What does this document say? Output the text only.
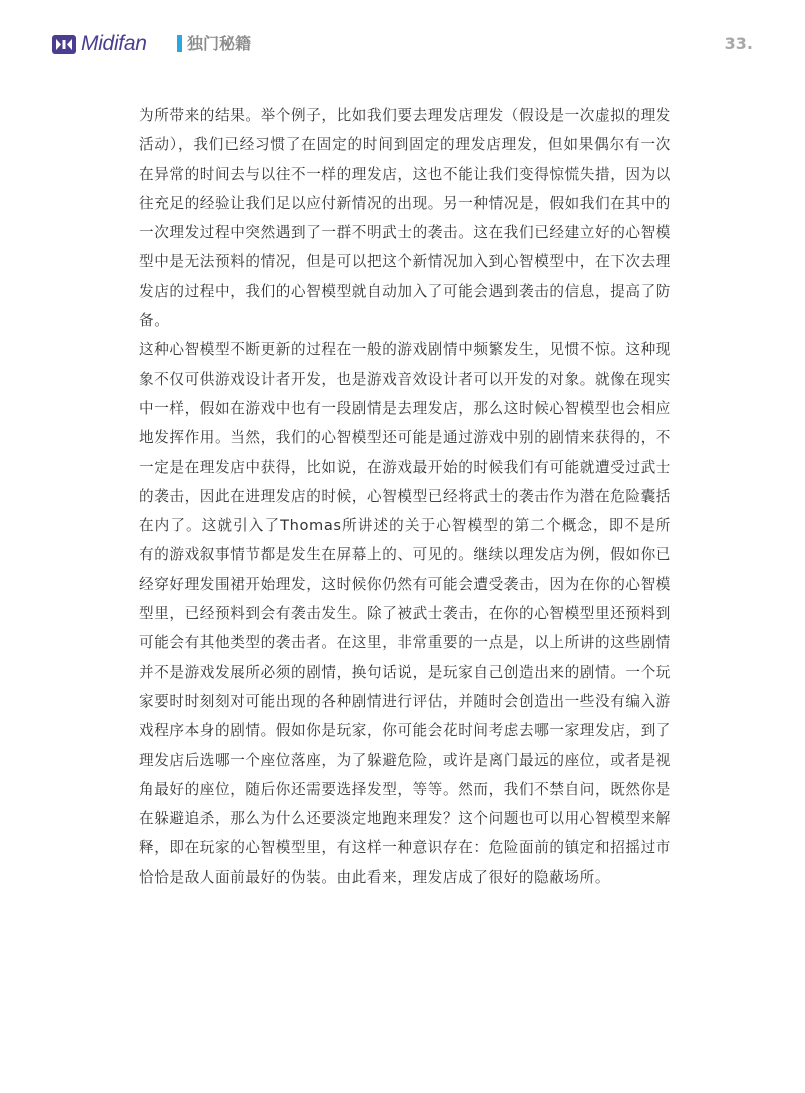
Midifan	独门秘籍	33.

为所带来的结果。举个例子，比如我们要去理发店理发（假设是一次虚拟的理发活动），我们已经习惯了在固定的时间到固定的理发店理发，但如果偶尔有一次在异常的时间去与以往不一样的理发店，这也不能让我们变得惊慌失措，因为以往充足的经验让我们足以应付新情况的出现。另一种情况是，假如我们在其中的一次理发过程中突然遇到了一群不明武士的袭击。这在我们已经建立好的心智模型中是无法预料的情况，但是可以把这个新情况加入到心智模型中，在下次去理发店的过程中，我们的心智模型就自动加入了可能会遇到袭击的信息，提高了防备。

这种心智模型不断更新的过程在一般的游戏剧情中频繁发生，见惯不惊。这种现象不仅可供游戏设计者开发，也是游戏音效设计者可以开发的对象。就像在现实中一样，假如在游戏中也有一段剧情是去理发店，那么这时候心智模型也会相应地发挥作用。当然，我们的心智模型还可能是通过游戏中别的剧情来获得的，不一定是在理发店中获得，比如说，在游戏最开始的时候我们有可能就遭受过武士的袭击，因此在进理发店的时候，心智模型已经将武士的袭击作为潜在危险囊括在内了。这就引入了Thomas所讲述的关于心智模型的第二个概念，即不是所有的游戏叙事情节都是发生在屏幕上的、可见的。继续以理发店为例，假如你已经穿好理发围裙开始理发，这时候你仍然有可能会遭受袭击，因为在你的心智模型里，已经预料到会有袭击发生。除了被武士袭击，在你的心智模型里还预料到可能会有其他类型的袭击者。在这里，非常重要的一点是，以上所讲的这些剧情并不是游戏发展所必须的剧情，换句话说，是玩家自己创造出来的剧情。一个玩家要时时刻刻对可能出现的各种剧情进行评估，并随时会创造出一些没有编入游戏程序本身的剧情。假如你是玩家，你可能会花时间考虑去哪一家理发店，到了理发店后选哪一个座位落座，为了躲避危险，或许是离门最远的座位，或者是视角最好的座位，随后你还需要选择发型，等等。然而，我们不禁自问，既然你是在躲避追杀，那么为什么还要淡定地跑来理发？这个问题也可以用心智模型来解释，即在玩家的心智模型里，有这样一种意识存在：危险面前的镇定和招摇过市恰恰是敌人面前最好的伪装。由此看来，理发店成了很好的隐蔽场所。
